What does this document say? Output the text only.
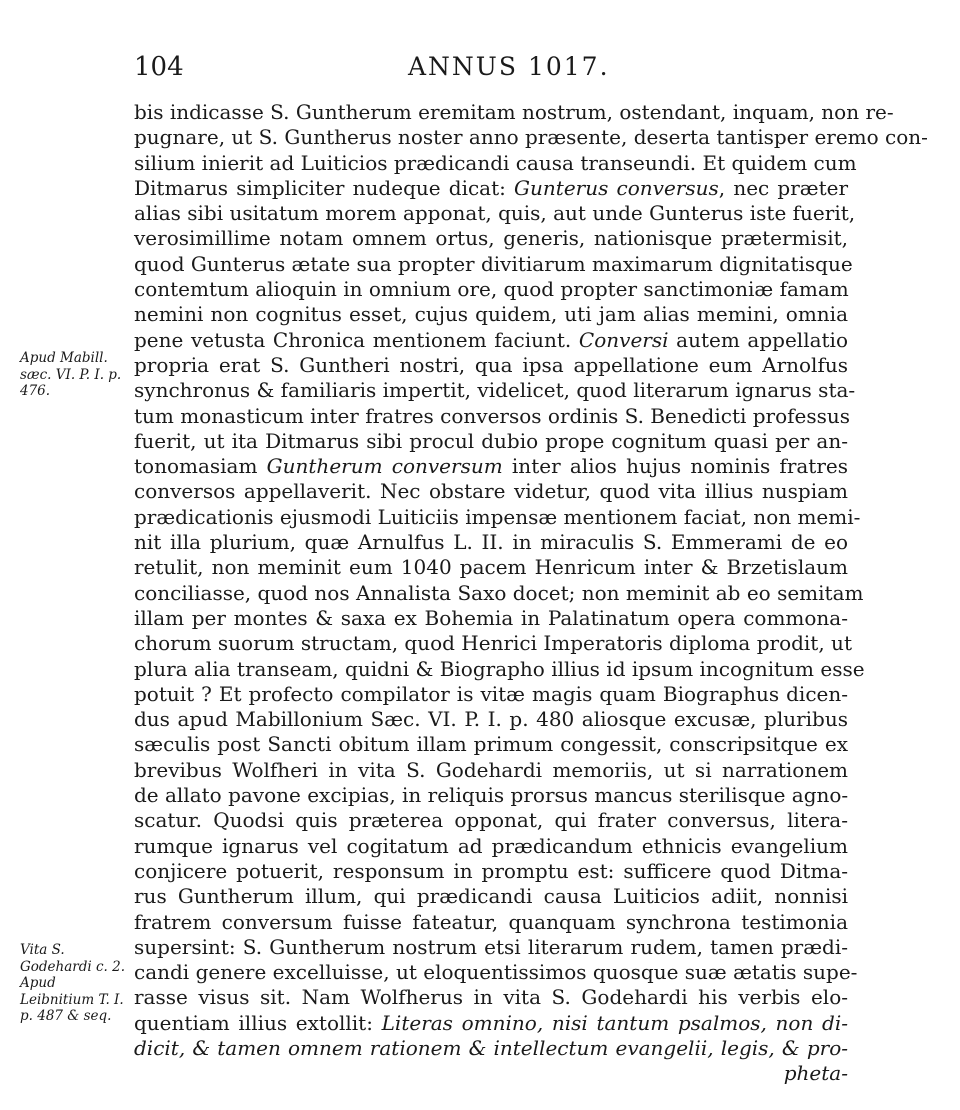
104	ANNUS 1017.
bis indicasse S. Guntherum eremitam nostrum, ostendant, inquam, non re-
pugnare, ut S. Guntherus noster anno præsente, deserta tantisper eremo con-
silium inierit ad Luiticios prædicandi causa transeundi. Et quidem cum
Ditmarus simpliciter nudeque dicat: Gunterus conversus, nec præter
alias sibi usitatum morem apponat, quis, aut unde Gunterus iste fuerit,
verosimillime notam omnem ortus, generis, nationisque prætermisit,
quod Gunterus ætate sua propter divitiarum maximarum dignitatisque
contemtum alioquin in omnium ore, quod propter sanctimoniæ famam
nemini non cognitus esset, cujus quidem, uti jam alias memini, omnia
pene vetusta Chronica mentionem faciunt. Conversi autem appellatio
propria erat S. Guntheri nostri, qua ipsa appellatione eum Arnolfus
synchronus & familiaris impertit, videlicet, quod literarum ignarus sta-
tum monasticum inter fratres conversos ordinis S. Benedicti professus
fuerit, ut ita Ditmarus sibi procul dubio prope cognitum quasi per an-
tonomasiam Guntherum conversum inter alios hujus nominis fratres
conversos appellaverit. Nec obstare videtur, quod vita illius nuspiam
prædicationis ejusmodi Luiticiis impensæ mentionem faciat, non memi-
nit illa plurium, quæ Arnulfus L. II. in miraculis S. Emmerami de eo
retulit, non meminit eum 1040 pacem Henricum inter & Brzetislaum
conciliasse, quod nos Annalista Saxo docet; non meminit ab eo semitam
illam per montes & saxa ex Bohemia in Palatinatum opera commona-
chorum suorum structam, quod Henrici Imperatoris diploma prodit, ut
plura alia transeam, quidni & Biographo illius id ipsum incognitum esse
potuit ? Et profecto compilator is vitæ magis quam Biographus dicen-
dus apud Mabillonium Sæc. VI. P. I. p. 480 aliosque excusæ, pluribus
sæculis post Sancti obitum illam primum congessit, conscripsitque ex
brevibus Wolfheri in vita S. Godehardi memoriis, ut si narrationem
de allato pavone excipias, in reliquis prorsus mancus sterilisque agno-
scatur. Quodsi quis præterea opponat, qui frater conversus, litera-
rumque ignarus vel cogitatum ad prædicandum ethnicis evangelium
conjicere potuerit, responsum in promptu est: sufficere quod Ditma-
rus Guntherum illum, qui prædicandi causa Luiticios adiit, nonnisi
fratrem conversum fuisse fateatur, quanquam synchrona testimonia
supersint: S. Guntherum nostrum etsi literarum rudem, tamen prædi-
candi genere excelluisse, ut eloquentissimos quosque suæ ætatis supe-
rasse visus sit. Nam Wolfherus in vita S. Godehardi his verbis elo-
quentiam illius extollit: Literas omnino, nisi tantum psalmos, non di-
dicit, & tamen omnem rationem & intellectum evangelii, legis, & pro-
pheta-
Apud Mabill. sæc. VI. P. I. p. 476.
Vita S. Godehardi c. 2. Apud Leibnitium T. I. p. 487 & seq.
